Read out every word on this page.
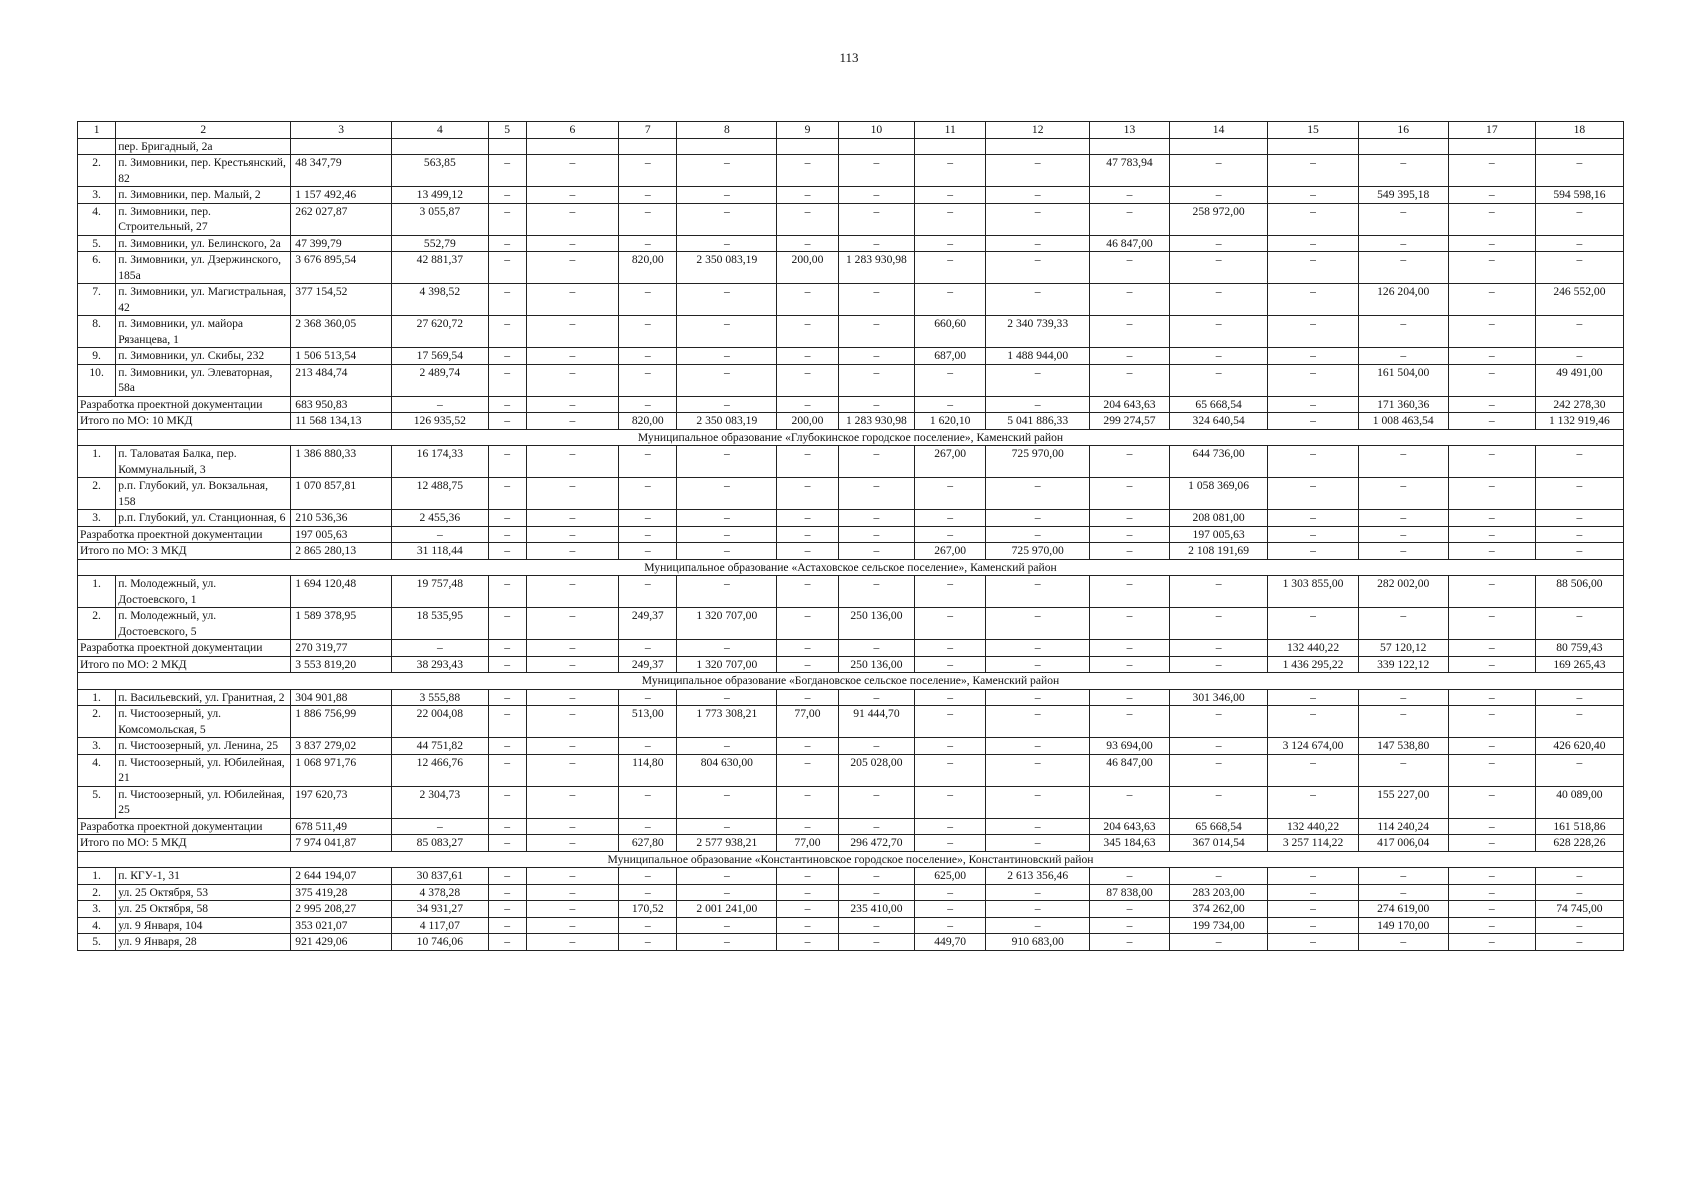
113
1	2	3	4	5	6	7	8	9	10	11	12	13	14	15	16	17	18
	пер. Бригадный, 2а																
2.	п. Зимовники, пер. Крестьянский, 82	48 347,79	563,85	–	–	–	–	–	–	–	–	47 783,94	–	–	–	–	–
3.	п. Зимовники, пер. Малый, 2	1 157 492,46	13 499,12	–	–	–	–	–	–	–	–	–	–	–	549 395,18	–	594 598,16
4.	п. Зимовники, пер. Строительный, 27	262 027,87	3 055,87	–	–	–	–	–	–	–	–	–	258 972,00	–	–	–	–
5.	п. Зимовники, ул. Белинского, 2а	47 399,79	552,79	–	–	–	–	–	–	–	–	46 847,00	–	–	–	–	–
6.	п. Зимовники, ул. Дзержинского, 185а	3 676 895,54	42 881,37	–	–	820,00	2 350 083,19	200,00	1 283 930,98	–	–	–	–	–	–	–	–
7.	п. Зимовники, ул. Магистральная, 42	377 154,52	4 398,52	–	–	–	–	–	–	–	–	–	–	–	126 204,00	–	246 552,00
8.	п. Зимовники, ул. майора Рязанцева, 1	2 368 360,05	27 620,72	–	–	–	–	–	–	660,60	2 340 739,33	–	–	–	–	–	–
9.	п. Зимовники, ул. Скибы, 232	1 506 513,54	17 569,54	–	–	–	–	–	–	687,00	1 488 944,00	–	–	–	–	–	–
10.	п. Зимовники, ул. Элеваторная, 58а	213 484,74	2 489,74	–	–	–	–	–	–	–	–	–	–	–	161 504,00	–	49 491,00
Разработка проектной документации		683 950,83	–	–	–	–	–	–	–	–	–	204 643,63	65 668,54	–	171 360,36	–	242 278,30
Итого по МО: 10 МКД		11 568 134,13	126 935,52	–	–	820,00	2 350 083,19	200,00	1 283 930,98	1 620,10	5 041 886,33	299 274,57	324 640,54	–	1 008 463,54	–	1 132 919,46
Муниципальное образование «Глубокинское городское поселение», Каменский район																	
1.	п. Таловатая Балка, пер. Коммунальный, 3	1 386 880,33	16 174,33	–	–	–	–	–	–	267,00	725 970,00	–	644 736,00	–	–	–	–
2.	р.п. Глубокий, ул. Вокзальная, 158	1 070 857,81	12 488,75	–	–	–	–	–	–	–	–	–	1 058 369,06	–	–	–	–
3.	р.п. Глубокий, ул. Станционная, 6	210 536,36	2 455,36	–	–	–	–	–	–	–	–	–	208 081,00	–	–	–	–
Разработка проектной документации		197 005,63	–	–	–	–	–	–	–	–	–	–	197 005,63	–	–	–	–
Итого по МО: 3 МКД		2 865 280,13	31 118,44	–	–	–	–	–	–	267,00	725 970,00	–	2 108 191,69	–	–	–	–
Муниципальное образование «Астаховское сельское поселение», Каменский район																	
1.	п. Молодежный, ул. Достоевского, 1	1 694 120,48	19 757,48	–	–	–	–	–	–	–	–	–	–	1 303 855,00	282 002,00	–	88 506,00
2.	п. Молодежный, ул. Достоевского, 5	1 589 378,95	18 535,95	–	–	249,37	1 320 707,00	–	250 136,00	–	–	–	–	–	–	–	–
Разработка проектной документации		270 319,77	–	–	–	–	–	–	–	–	–	–	–	132 440,22	57 120,12	–	80 759,43
Итого по МО: 2 МКД		3 553 819,20	38 293,43	–	–	249,37	1 320 707,00	–	250 136,00	–	–	–	–	1 436 295,22	339 122,12	–	169 265,43
Муниципальное образование «Богдановское сельское поселение», Каменский район																	
1.	п. Васильевский, ул. Гранитная, 2	304 901,88	3 555,88	–	–	–	–	–	–	–	–	–	301 346,00	–	–	–	–
2.	п. Чистоозерный, ул. Комсомольская, 5	1 886 756,99	22 004,08	–	–	513,00	1 773 308,21	77,00	91 444,70	–	–	–	–	–	–	–	–
3.	п. Чистоозерный, ул. Ленина, 25	3 837 279,02	44 751,82	–	–	–	–	–	–	–	–	93 694,00	–	3 124 674,00	147 538,80	–	426 620,40
4.	п. Чистоозерный, ул. Юбилейная, 21	1 068 971,76	12 466,76	–	–	114,80	804 630,00	–	205 028,00	–	–	46 847,00	–	–	–	–	–
5.	п. Чистоозерный, ул. Юбилейная, 25	197 620,73	2 304,73	–	–	–	–	–	–	–	–	–	–	–	155 227,00	–	40 089,00
Разработка проектной документации		678 511,49	–	–	–	–	–	–	–	–	–	204 643,63	65 668,54	132 440,22	114 240,24	–	161 518,86
Итого по МО: 5 МКД		7 974 041,87	85 083,27	–	–	627,80	2 577 938,21	77,00	296 472,70	–	–	345 184,63	367 014,54	3 257 114,22	417 006,04	–	628 228,26
Муниципальное образование «Константиновское городское поселение», Константиновский район																	
1.	п. КГУ-1, 31	2 644 194,07	30 837,61	–	–	–	–	–	–	625,00	2 613 356,46	–	–	–	–	–	–
2.	ул. 25 Октября, 53	375 419,28	4 378,28	–	–	–	–	–	–	–	–	87 838,00	283 203,00	–	–	–	–
3.	ул. 25 Октября, 58	2 995 208,27	34 931,27	–	–	170,52	2 001 241,00	–	235 410,00	–	–	–	374 262,00	–	274 619,00	–	74 745,00
4.	ул. 9 Января, 104	353 021,07	4 117,07	–	–	–	–	–	–	–	–	–	199 734,00	–	149 170,00	–	–
5.	ул. 9 Января, 28	921 429,06	10 746,06	–	–	–	–	–	–	449,70	910 683,00	–	–	–	–	–	–
